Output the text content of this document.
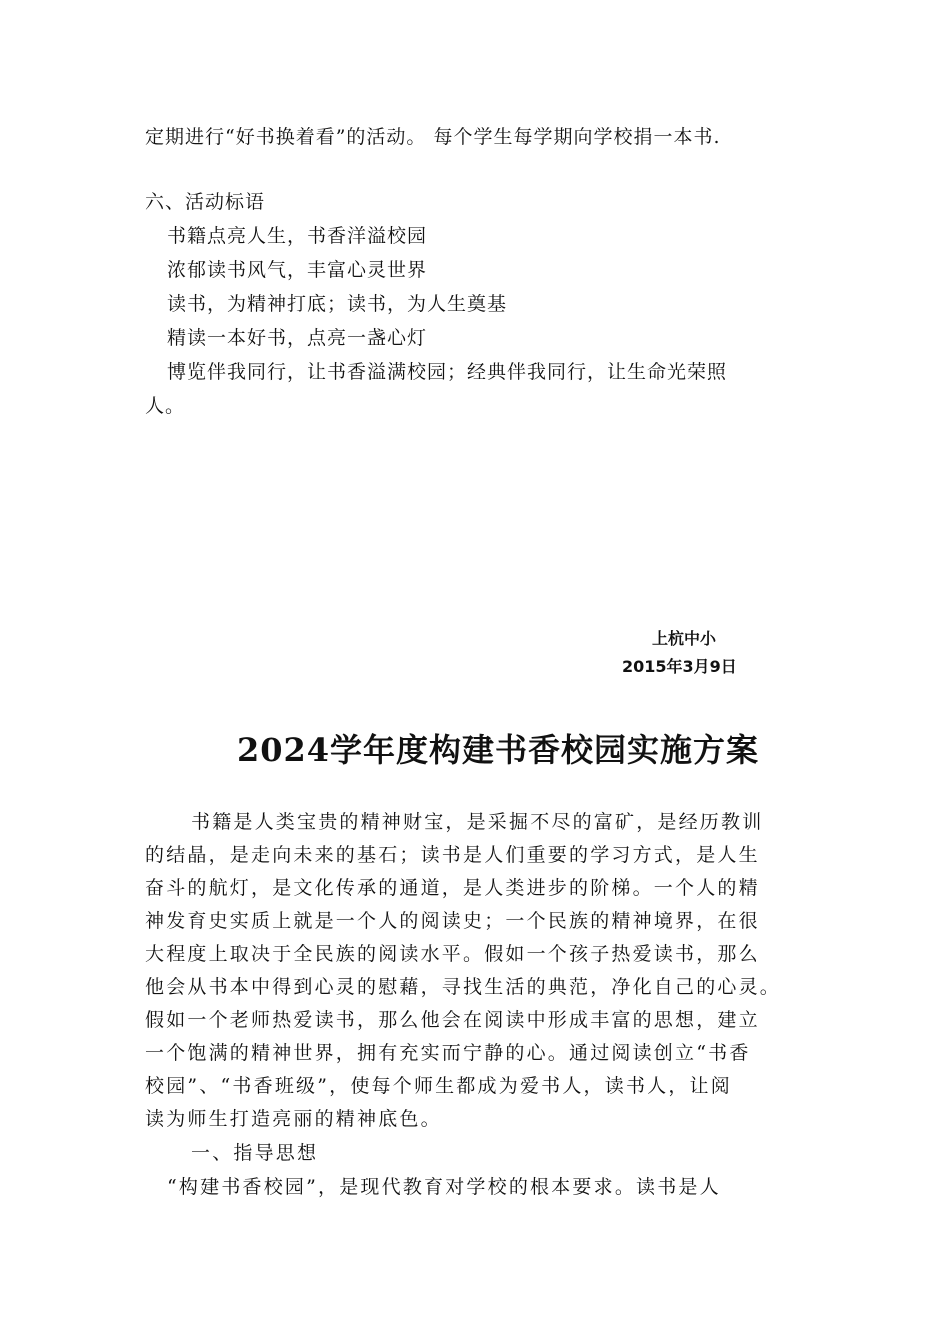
定期进行“好书换着看”的活动。 每个学生每学期向学校捐一本书.
六、活动标语
书籍点亮人生，书香洋溢校园
浓郁读书风气，丰富心灵世界
读书，为精神打底；读书，为人生奠基
精读一本好书，点亮一盏心灯
博览伴我同行，让书香溢满校园；经典伴我同行，让生命光荣照
人。
上杭中小
2015年3月9日
2024学年度构建书香校园实施方案
书籍是人类宝贵的精神财宝，是采掘不尽的富矿，是经历教训
的结晶，是走向未来的基石；读书是人们重要的学习方式，是人生
奋斗的航灯，是文化传承的通道，是人类进步的阶梯。一个人的精
神发育史实质上就是一个人的阅读史；一个民族的精神境界，在很
大程度上取决于全民族的阅读水平。假如一个孩子热爱读书，那么
他会从书本中得到心灵的慰藉，寻找生活的典范，净化自己的心灵。
假如一个老师热爱读书，那么他会在阅读中形成丰富的思想，建立
一个饱满的精神世界，拥有充实而宁静的心。通过阅读创立“书香
校园”、“书香班级”，使每个师生都成为爱书人，读书人，让阅
读为师生打造亮丽的精神底色。
一、指导思想
“构建书香校园”，是现代教育对学校的根本要求。读书是人
